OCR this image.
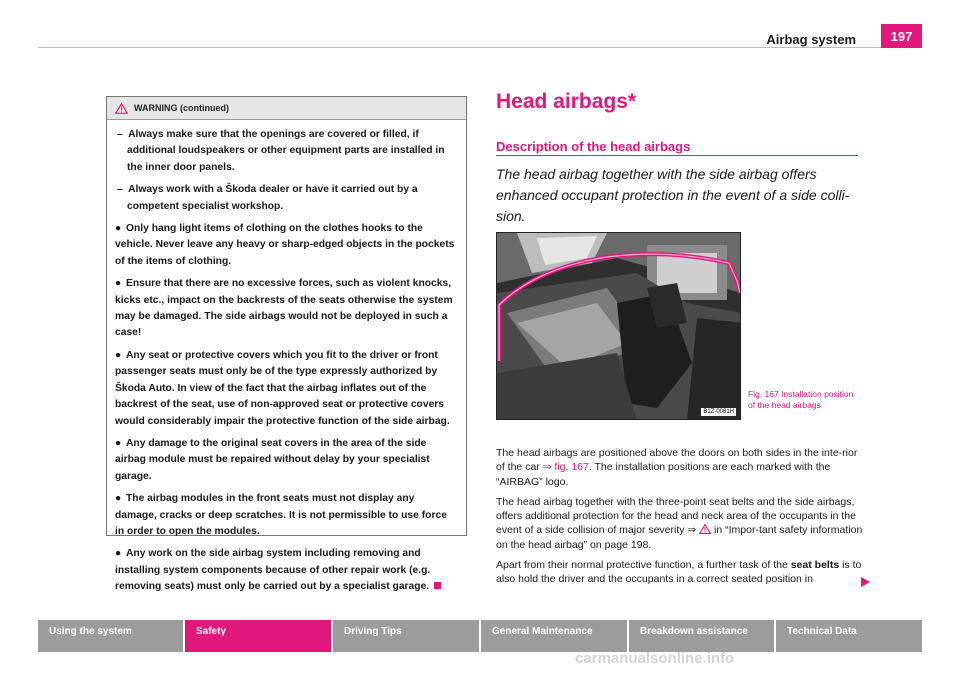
Airbag system	197
WARNING (continued)

–  Always make sure that the openings are covered or filled, if additional loudspeakers or other equipment parts are installed in the inner door panels.

–  Always work with a Škoda dealer or have it carried out by a competent specialist workshop.

● Only hang light items of clothing on the clothes hooks to the vehicle. Never leave any heavy or sharp-edged objects in the pockets of the items of clothing.

● Ensure that there are no excessive forces, such as violent knocks, kicks etc., impact on the backrests of the seats otherwise the system may be damaged. The side airbags would not be deployed in such a case!

● Any seat or protective covers which you fit to the driver or front passenger seats must only be of the type expressly authorized by Škoda Auto. In view of the fact that the airbag inflates out of the backrest of the seat, use of non-approved seat or protective covers would considerably impair the protective function of the side airbag.

● Any damage to the original seat covers in the area of the side airbag module must be repaired without delay by your specialist garage.

● The airbag modules in the front seats must not display any damage, cracks or deep scratches. It is not permissible to use force in order to open the modules.

● Any work on the side airbag system including removing and installing system components because of other repair work (e.g. removing seats) must only be carried out by a specialist garage.

Head airbags*
Description of the head airbags
The head airbag together with the side airbag offers enhanced occupant protection in the event of a side colli-sion.
B1Z-0081H
Fig. 167 Installation position of the head airbags

The head airbags are positioned above the doors on both sides in the inte-rior of the car ⇒ fig. 167. The installation positions are each marked with the “AIRBAG” logo.

The head airbag together with the three-point seat belts and the side airbags, offers additional protection for the head and neck area of the occupants in the event of a side collision of major severity ⇒  in “Impor-tant safety information on the head airbag” on page 198.

Apart from their normal protective function, a further task of the seat belts is to also hold the driver and the occupants in a correct seated position in

Using the system	Safety	Driving Tips	General Maintenance	Breakdown assistance	Technical Data
carmanualsonline.info
